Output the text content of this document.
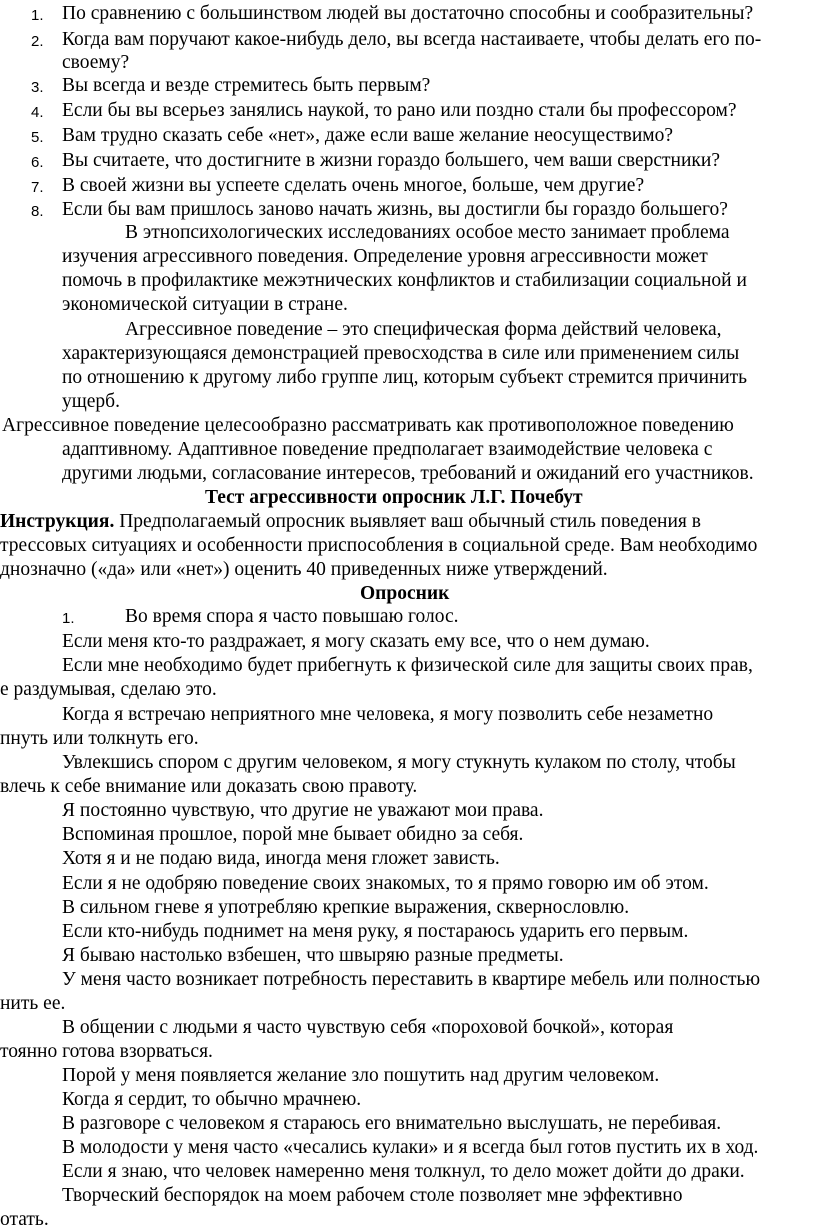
1. По сравнению с большинством людей вы достаточно способны и сообразительны?
2. Когда вам поручают какое-нибудь дело, вы всегда настаиваете, чтобы делать его по-
своему?
3. Вы всегда и везде стремитесь быть первым?
4. Если бы вы всерьез занялись наукой, то рано или поздно стали бы профессором?
5. Вам трудно сказать себе «нет», даже если ваше желание неосуществимо?
6. Вы считаете, что достигните в жизни гораздо большего, чем ваши сверстники?
7. В своей жизни вы успеете сделать очень многое, больше, чем другие?
8. Если бы вам пришлось заново начать жизнь, вы достигли бы гораздо большего?
В этнопсихологических исследованиях особое место занимает проблема
изучения агрессивного поведения. Определение уровня агрессивности может
помочь в профилактике межэтнических конфликтов и стабилизации социальной и
экономической ситуации в стране.
Агрессивное поведение – это специфическая форма действий человека,
характеризующаяся демонстрацией превосходства в силе или применением силы
по отношению к другому либо группе лиц, которым субъект стремится причинить
ущерб.
Агрессивное поведение целесообразно рассматривать как противоположное поведению
адаптивному. Адаптивное поведение предполагает взаимодействие человека с
другими людьми, согласование интересов, требований и ожиданий его участников.
Тест агрессивности опросник Л.Г. Почебут
Инструкция. Предполагаемый опросник выявляет ваш обычный стиль поведения в
трессовых ситуациях и особенности приспособления в социальной среде. Вам необходимо
днозначно («да» или «нет») оценить 40 приведенных ниже утверждений.
Опросник
1.	Во время спора я часто повышаю голос.
Если меня кто-то раздражает, я могу сказать ему все, что о нем думаю.
Если мне необходимо будет прибегнуть к физической силе для защиты своих прав,
е раздумывая, сделаю это.
Когда я встречаю неприятного мне человека, я могу позволить себе незаметно
пнуть или толкнуть его.
Увлекшись спором с другим человеком, я могу стукнуть кулаком по столу, чтобы
влечь к себе внимание или доказать свою правоту.
Я постоянно чувствую, что другие не уважают мои права.
Вспоминая прошлое, порой мне бывает обидно за себя.
Хотя я и не подаю вида, иногда меня гложет зависть.
Если я не одобряю поведение своих знакомых, то я прямо говорю им об этом.
В сильном гневе я употребляю крепкие выражения, сквернословлю.
Если кто-нибудь поднимет на меня руку, я постараюсь ударить его первым.
Я бываю настолько взбешен, что швыряю разные предметы.
У меня часто возникает потребность переставить в квартире мебель или полностью
нить ее.
В общении с людьми я часто чувствую себя «пороховой бочкой», которая
тоянно готова взорваться.
Порой у меня появляется желание зло пошутить над другим человеком.
Когда я сердит, то обычно мрачнею.
В разговоре с человеком я стараюсь его внимательно выслушать, не перебивая.
В молодости у меня часто «чесались кулаки» и я всегда был готов пустить их в ход.
Если я знаю, что человек намеренно меня толкнул, то дело может дойти до драки.
Творческий беспорядок на моем рабочем столе позволяет мне эффективно
отать.
